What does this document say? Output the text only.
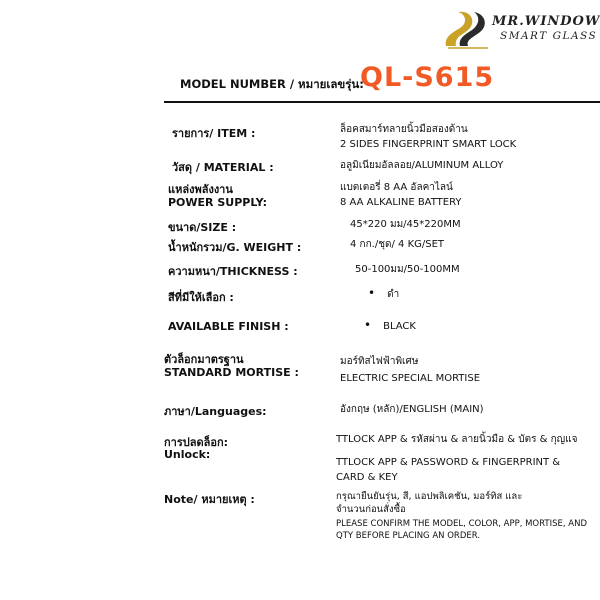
MR.WINDOW
SMART GLASS
MODEL NUMBER / หมายเลขรุ่น:
QL-S615
รายการ/ ITEM :	ล็อคสมาร์ทลายนิ้วมือสองด้าน
2 SIDES FINGERPRINT SMART LOCK
วัสดุ / MATERIAL :	อลูมิเนียมอัลลอย/ALUMINUM ALLOY
แหล่งพลังงาน
POWER SUPPLY:
แบตเตอรี่ 8 AA อัลคาไลน์
8 AA ALKALINE BATTERY
ขนาด/SIZE :	45*220 มม/45*220MM
น้ำหนักรวม/G. WEIGHT :	4 กก./ชุด/ 4 KG/SET
ความหนา/THICKNESS :	50-100มม/50-100MM
สีที่มีให้เลือก :	• ดำ
AVAILABLE FINISH :	• BLACK
ตัวล็อกมาตรฐาน
STANDARD MORTISE :
มอร์ทิสไฟฟ้าพิเศษ
ELECTRIC SPECIAL MORTISE
ภาษา/Languages:	อังกฤษ (หลัก)/ENGLISH (MAIN)
การปลดล็อก:
Unlock:
TTLOCK APP & รหัสผ่าน & ลายนิ้วมือ & บัตร & กุญแจ
TTLOCK APP & PASSWORD & FINGERPRINT &
CARD & KEY
Note/ หมายเหตุ :	กรุณายืนยันรุ่น, สี, แอปพลิเคชัน, มอร์ทิส และ
จำนวนก่อนสั่งซื้อ
PLEASE CONFIRM THE MODEL, COLOR, APP, MORTISE, AND
QTY BEFORE PLACING AN ORDER.
